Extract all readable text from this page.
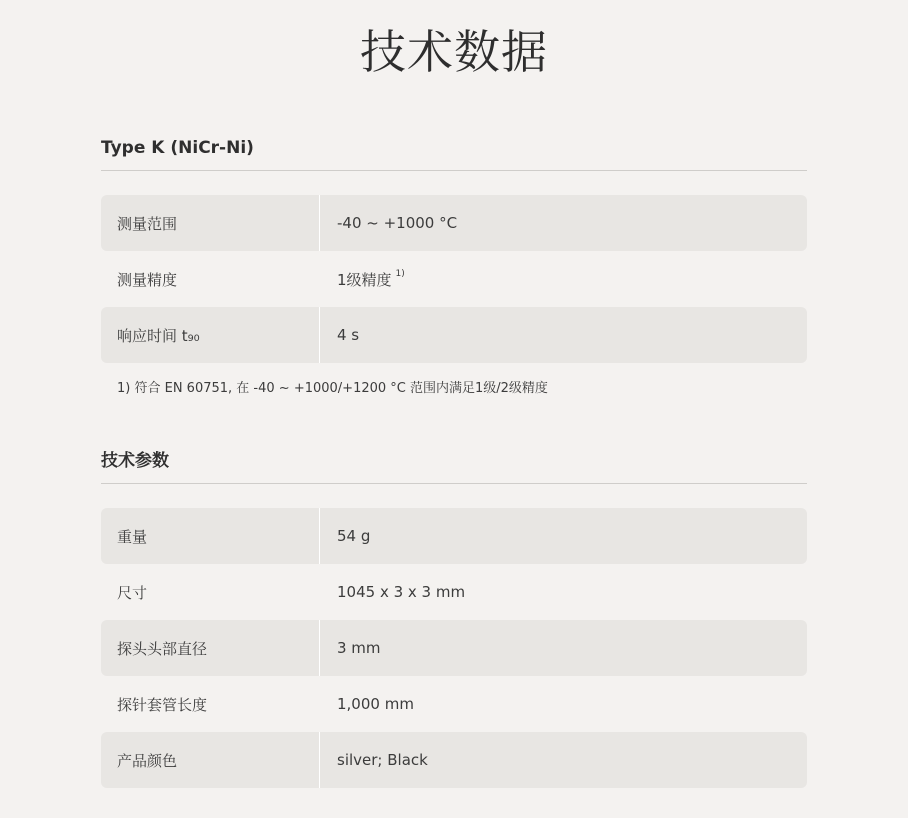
技术数据
Type K (NiCr-Ni)
测量范围	-40 ~ +1000 °C
测量精度	1级精度 1)
响应时间 t₉₀	4 s
1) 符合 EN 60751, 在 -40 ~ +1000/+1200 °C 范围内满足1级/2级精度
技术参数
重量	54 g
尺寸	1045 x 3 x 3 mm
探头头部直径	3 mm
探针套管长度	1,000 mm
产品颜色	silver; Black
